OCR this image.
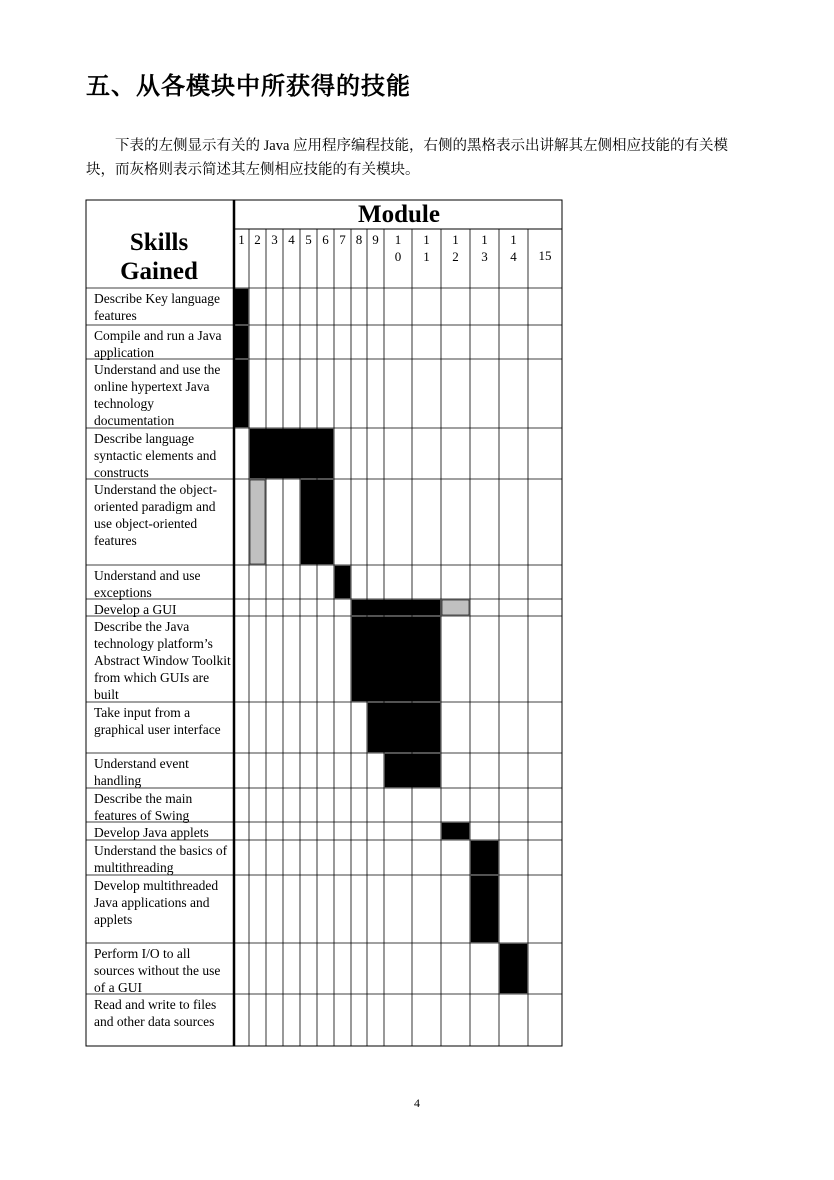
五、从各模块中所获得的技能

下表的左侧显示有关的 Java 应用程序编程技能，右侧的黑格表示出讲解其左侧相应技能的有关模块，而灰格则表示简述其左侧相应技能的有关模块。

Skills Gained
Module
1 2 3 4 5 6 7 8 9	1
0
1
1
1
2
1
3
1
4	15

Describe Key language features

Compile and run a Java application

Understand and use the online hypertext Java technology documentation

Describe language syntactic elements and constructs

Understand the object-oriented paradigm and use object-oriented features

Understand and use exceptions

Develop a GUI

Describe the Java technology platform’s Abstract Window Toolkit from which GUIs are built

Take input from a graphical user interface

Understand event handling

Describe the main features of Swing

Develop Java applets

Understand the basics of multithreading

Develop multithreaded Java applications and applets

Perform I/O to all sources without the use of a GUI

Read and write to files and other data sources

4
